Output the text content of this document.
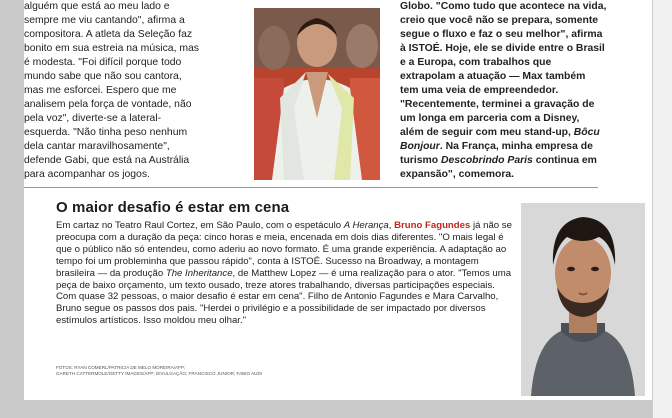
alguém que está ao meu lado e
sempre me viu cantando", afirma a
compositora. A atleta da Seleção faz
bonito em sua estreia na música, mas
é modesta. "Foi difícil porque todo
mundo sabe que não sou cantora,
mas me esforcei. Espero que me
analisem pela força de vontade, não
pela voz", diverte-se a lateral-
esquerda. "Não tinha peso nenhum
dela cantar maravilhosamente",
defende Gabi, que está na Austrália
para acompanhar os jogos.
Globo. "Como tudo que acontece na vida,
creio que você não se prepara, somente
segue o fluxo e faz o seu melhor", afirma
à ISTOÉ. Hoje, ele se divide entre o Brasil
e a Europa, com trabalhos que
extrapolam a atuação — Max também
tem uma veia de empreendedor.
"Recentemente, terminei a gravação de
um longa em parceria com a Disney,
além de seguir com meu stand-up, Bôcu
Bonjour. Na França, minha empresa de
turismo Descobrindo Paris continua em
expansão", comemora.
O maior desafio é estar em cena

Em cartaz no Teatro Raul Cortez, em São Paulo, com o espetáculo A Herança, Bruno Fagundes já não se preocupa com a duração da peça: cinco horas e meia, encenada em dois dias diferentes. "O mais legal é que o público não só entendeu, como aderiu ao novo formato. É uma grande experiência. A adaptação ao tempo foi um probleminha que passou rápido", conta à ISTOÉ. Sucesso na Broadway, a montagem brasileira — da produção The Inheritance, de Matthew Lopez — é uma realização para o ator. "Temos uma peça de baixo orçamento, um texto ousado, treze atores trabalhando, diversas participações especiais. Com quase 32 pessoas, o maior desafio é estar em cena". Filho de Antonio Fagundes e Mara Carvalho, Bruno segue os passos dos pais. "Herdei o privilégio e a possibilidade de ser impactado por diversos estímulos artísticos. Isso moldou meu olhar."

FOTOS: RYAN COMERL/PATRICIA DE MELO MOREIRA/AFP;
GARETH CATTERMOLE/GETTY IMAGES/AFP; DIVULGAÇÃO; FRANCISCO JUNIOR; FABIO AUDI
